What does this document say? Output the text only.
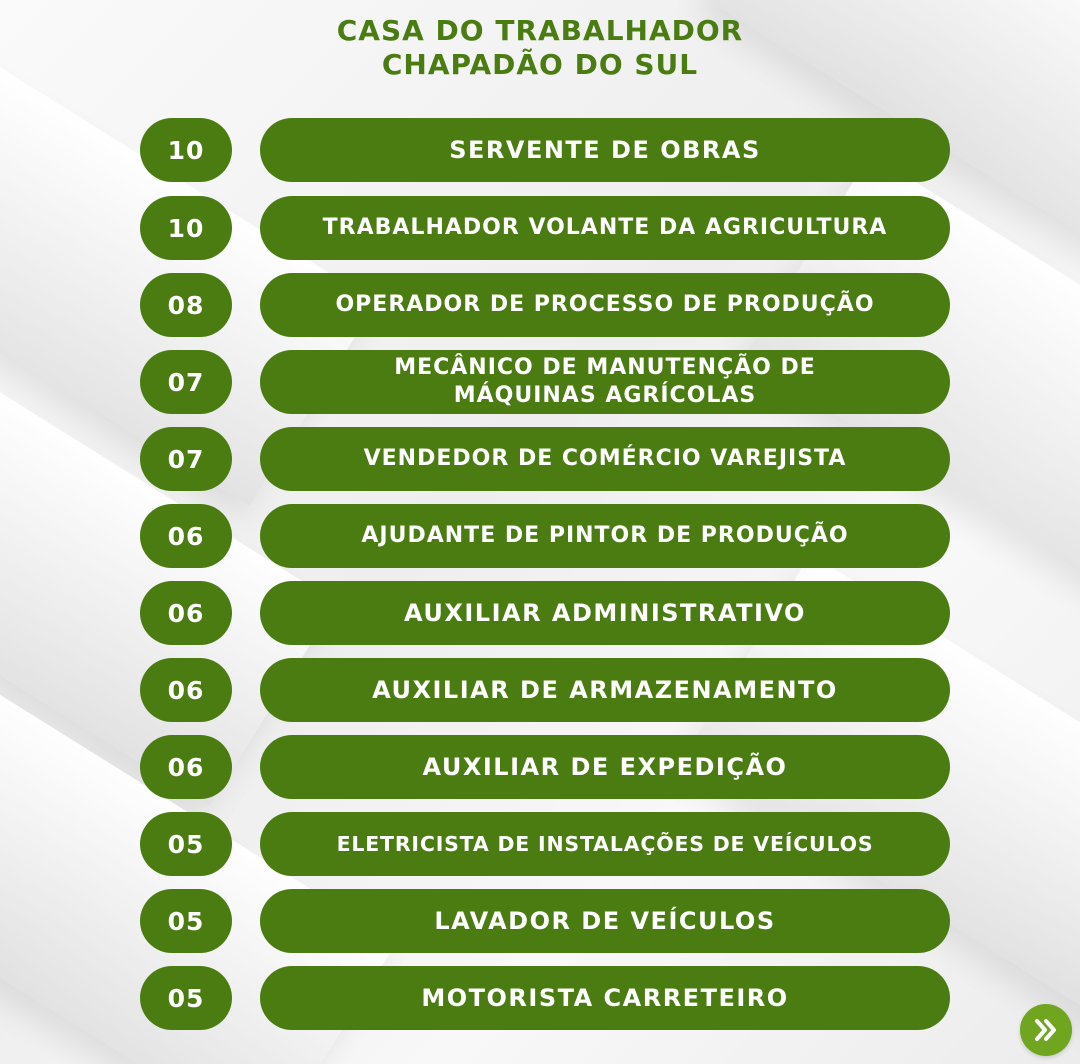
CASA DO TRABALHADOR
CHAPADÃO DO SUL
10	SERVENTE DE OBRAS
10	TRABALHADOR VOLANTE DA AGRICULTURA
08	OPERADOR DE PROCESSO DE PRODUÇÃO
07	MECÂNICO DE MANUTENÇÃO DE
MÁQUINAS AGRÍCOLAS
07	VENDEDOR DE COMÉRCIO VAREJISTA
06	AJUDANTE DE PINTOR DE PRODUÇÃO
06	AUXILIAR ADMINISTRATIVO
06	AUXILIAR DE ARMAZENAMENTO
06	AUXILIAR DE EXPEDIÇÃO
05	ELETRICISTA DE INSTALAÇÕES DE VEÍCULOS
05	LAVADOR DE VEÍCULOS
05	MOTORISTA CARRETEIRO
